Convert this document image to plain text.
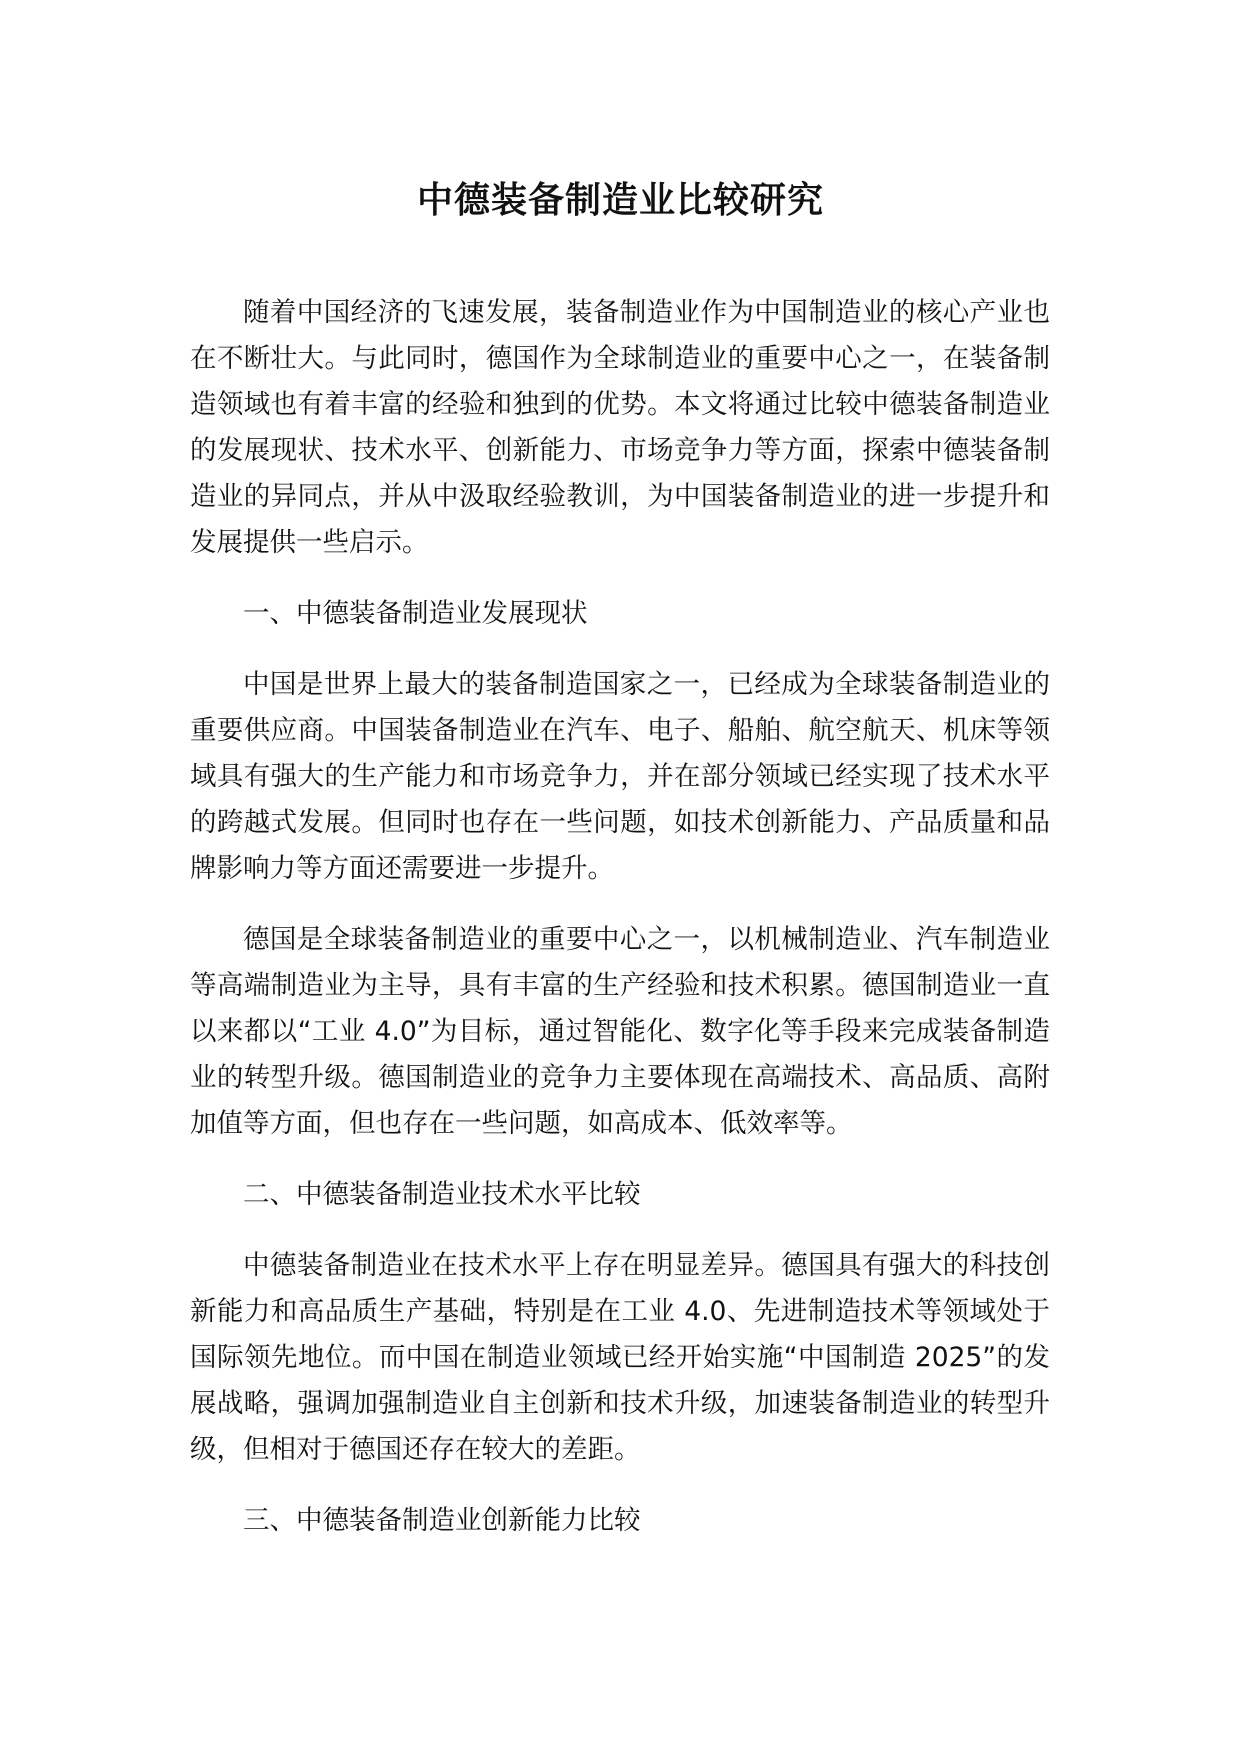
中德装备制造业比较研究

随着中国经济的飞速发展，装备制造业作为中国制造业的核心产业也在不断壮大。与此同时，德国作为全球制造业的重要中心之一，在装备制造领域也有着丰富的经验和独到的优势。本文将通过比较中德装备制造业的发展现状、技术水平、创新能力、市场竞争力等方面，探索中德装备制造业的异同点，并从中汲取经验教训，为中国装备制造业的进一步提升和发展提供一些启示。

一、中德装备制造业发展现状

中国是世界上最大的装备制造国家之一，已经成为全球装备制造业的重要供应商。中国装备制造业在汽车、电子、船舶、航空航天、机床等领域具有强大的生产能力和市场竞争力，并在部分领域已经实现了技术水平的跨越式发展。但同时也存在一些问题，如技术创新能力、产品质量和品牌影响力等方面还需要进一步提升。

德国是全球装备制造业的重要中心之一，以机械制造业、汽车制造业等高端制造业为主导，具有丰富的生产经验和技术积累。德国制造业一直以来都以“工业 4.0”为目标，通过智能化、数字化等手段来完成装备制造业的转型升级。德国制造业的竞争力主要体现在高端技术、高品质、高附加值等方面，但也存在一些问题，如高成本、低效率等。

二、中德装备制造业技术水平比较

中德装备制造业在技术水平上存在明显差异。德国具有强大的科技创新能力和高品质生产基础，特别是在工业 4.0、先进制造技术等领域处于国际领先地位。而中国在制造业领域已经开始实施“中国制造 2025”的发展战略，强调加强制造业自主创新和技术升级，加速装备制造业的转型升级，但相对于德国还存在较大的差距。

三、中德装备制造业创新能力比较
